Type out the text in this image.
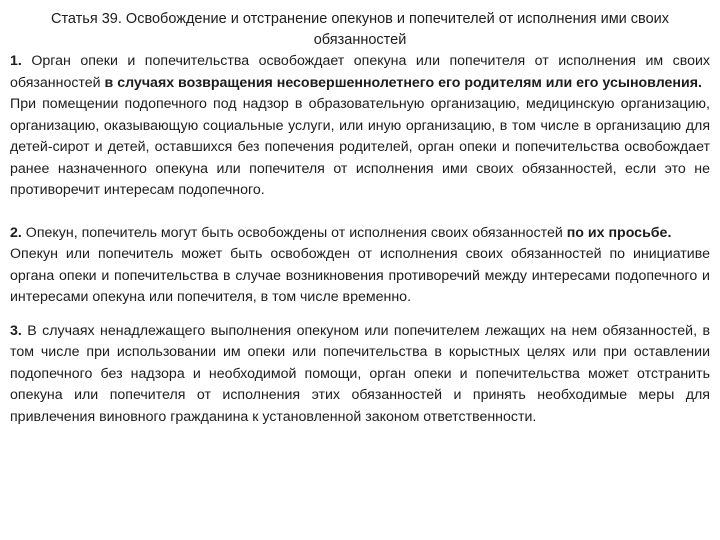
Статья 39. Освобождение и отстранение опекунов и попечителей от исполнения ими своих обязанностей

1. Орган опеки и попечительства освобождает опекуна или попечителя от исполнения им своих обязанностей в случаях возвращения несовершеннолетнего его родителям или его усыновления.

При помещении подопечного под надзор в образовательную организацию, медицинскую организацию, организацию, оказывающую социальные услуги, или иную организацию, в том числе в организацию для детей-сирот и детей, оставшихся без попечения родителей, орган опеки и попечительства освобождает ранее назначенного опекуна или попечителя от исполнения ими своих обязанностей, если это не противоречит интересам подопечного.

2. Опекун, попечитель могут быть освобождены от исполнения своих обязанностей по их просьбе.

Опекун или попечитель может быть освобожден от исполнения своих обязанностей по инициативе органа опеки и попечительства в случае возникновения противоречий между интересами подопечного и интересами опекуна или попечителя, в том числе временно.

3. В случаях ненадлежащего выполнения опекуном или попечителем лежащих на нем обязанностей, в том числе при использовании им опеки или попечительства в корыстных целях или при оставлении подопечного без надзора и необходимой помощи, орган опеки и попечительства может отстранить опекуна или попечителя от исполнения этих обязанностей и принять необходимые меры для привлечения виновного гражданина к установленной законом ответственности.
